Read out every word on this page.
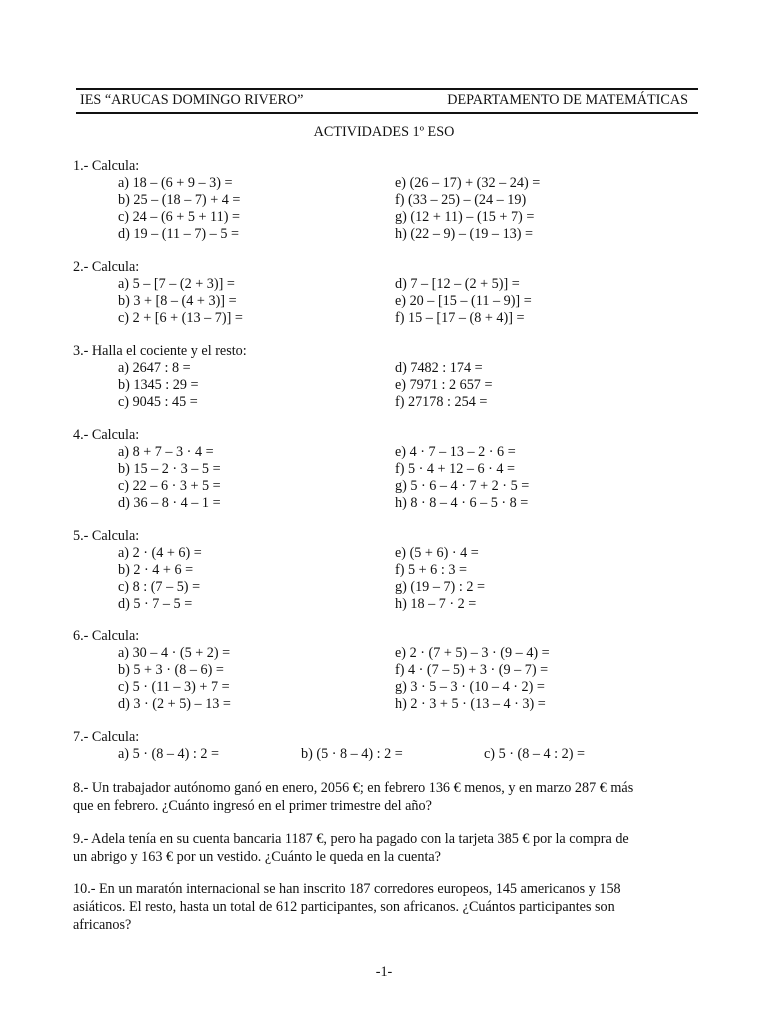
IES “ARUCAS DOMINGO RIVERO”	DEPARTAMENTO DE MATEMÁTICAS
ACTIVIDADES 1º ESO
1.- Calcula:
a) 18 – (6 + 9 – 3) =	e) (26 – 17) + (32 – 24) =
b) 25 – (18 – 7) + 4 =	f) (33 – 25) – (24 – 19)
c) 24 – (6 + 5 + 11) =	g) (12 + 11) – (15 + 7) =
d) 19 – (11 – 7) – 5 =	h) (22 – 9) – (19 – 13) =
2.- Calcula:
a) 5 – [7 – (2 + 3)] =	d) 7 – [12 – (2 + 5)] =
b) 3 + [8 – (4 + 3)] =	e) 20 – [15 – (11 – 9)] =
c) 2 + [6 + (13 – 7)] =	f) 15 – [17 – (8 + 4)] =
3.- Halla el cociente y el resto:
a) 2647 : 8 =	d) 7482 : 174 =
b) 1345 : 29 =	e) 7971 : 2 657 =
c) 9045 : 45 =	f) 27178 : 254 =
4.- Calcula:
a) 8 + 7 – 3 · 4 =	e) 4 · 7 – 13 – 2 · 6 =
b) 15 – 2 · 3 – 5 =	f) 5 · 4 + 12 – 6 · 4 =
c) 22 – 6 · 3 + 5 =	g) 5 · 6 – 4 · 7 + 2 · 5 =
d) 36 – 8 · 4 – 1 =	h) 8 · 8 – 4 · 6 – 5 · 8 =
5.- Calcula:
a) 2 · (4 + 6) =	e) (5 + 6) · 4 =
b) 2 · 4 + 6 =	f) 5 + 6 : 3 =
c) 8 : (7 – 5) =	g) (19 – 7) : 2 =
d) 5 · 7 – 5 =	h) 18 – 7 · 2 =
6.- Calcula:
a) 30 – 4 · (5 + 2) =	e) 2 · (7 + 5) – 3 · (9 – 4) =
b) 5 + 3 · (8 – 6) =	f) 4 · (7 – 5) + 3 · (9 – 7) =
c) 5 · (11 – 3) + 7 =	g) 3 · 5 – 3 · (10 – 4 · 2) =
d) 3 · (2 + 5) – 13 =	h) 2 · 3 + 5 · (13 – 4 · 3) =
7.- Calcula:
a) 5 · (8 – 4) : 2 =	b) (5 · 8 – 4) : 2 =	c) 5 · (8 – 4 : 2) =
8.- Un trabajador autónomo ganó en enero, 2056 €; en febrero 136 € menos, y en marzo 287 € más
que en febrero. ¿Cuánto ingresó en el primer trimestre del año?
9.- Adela tenía en su cuenta bancaria 1187 €, pero ha pagado con la tarjeta 385 € por la compra de
un abrigo y 163 € por un vestido. ¿Cuánto le queda en la cuenta?
10.- En un maratón internacional se han inscrito 187 corredores europeos, 145 americanos y 158
asiáticos. El resto, hasta un total de 612 participantes, son africanos. ¿Cuántos participantes son
africanos?
-1-
